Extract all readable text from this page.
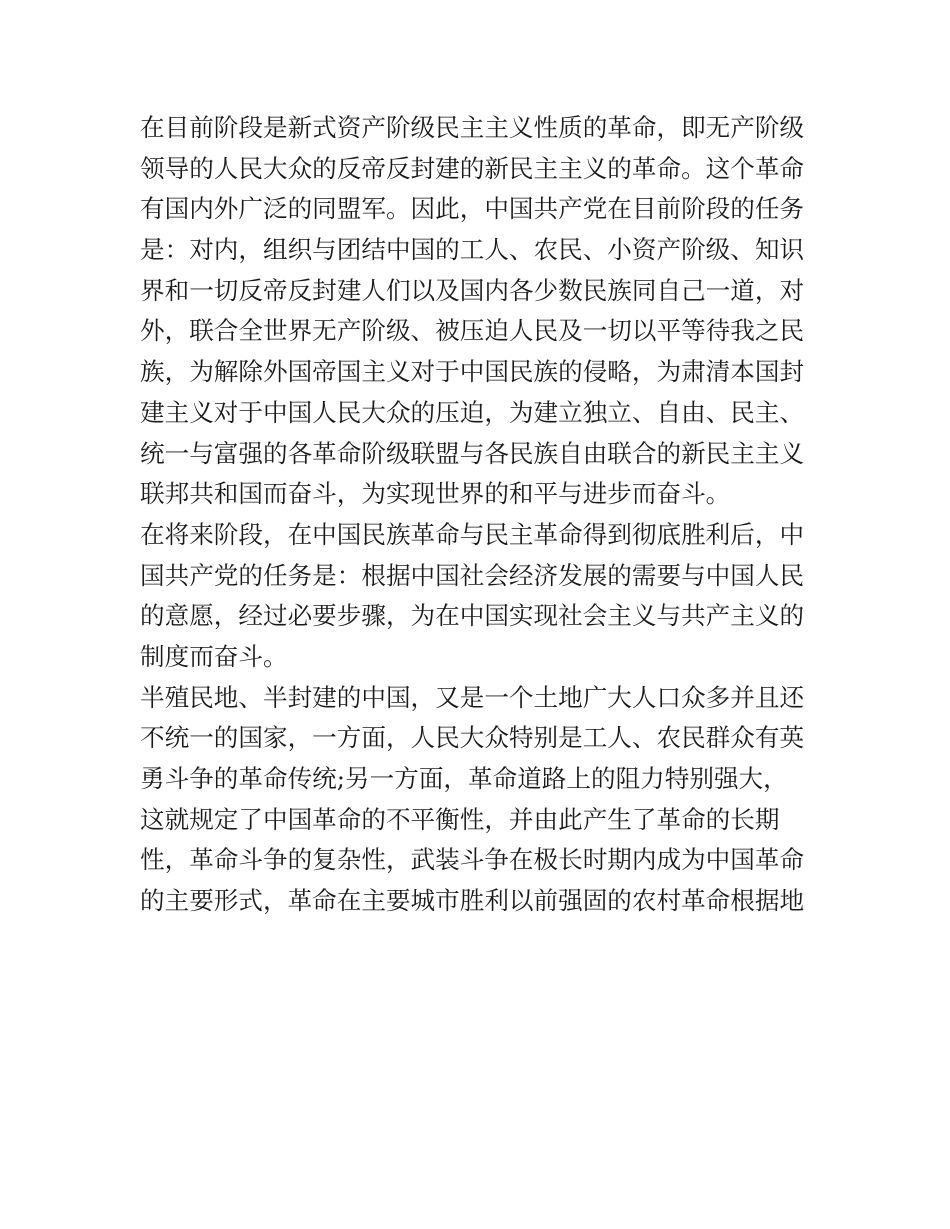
在目前阶段是新式资产阶级民主主义性质的革命，即无产阶级
领导的人民大众的反帝反封建的新民主主义的革命。这个革命
有国内外广泛的同盟军。因此，中国共产党在目前阶段的任务
是：对内，组织与团结中国的工人、农民、小资产阶级、知识
界和一切反帝反封建人们以及国内各少数民族同自己一道，对
外，联合全世界无产阶级、被压迫人民及一切以平等待我之民
族，为解除外国帝国主义对于中国民族的侵略，为肃清本国封
建主义对于中国人民大众的压迫，为建立独立、自由、民主、
统一与富强的各革命阶级联盟与各民族自由联合的新民主主义
联邦共和国而奋斗，为实现世界的和平与进步而奋斗。
在将来阶段，在中国民族革命与民主革命得到彻底胜利后，中
国共产党的任务是：根据中国社会经济发展的需要与中国人民
的意愿，经过必要步骤，为在中国实现社会主义与共产主义的
制度而奋斗。
半殖民地、半封建的中国，又是一个土地广大人口众多并且还
不统一的国家，一方面，人民大众特别是工人、农民群众有英
勇斗争的革命传统;另一方面，革命道路上的阻力特别强大，
这就规定了中国革命的不平衡性，并由此产生了革命的长期
性，革命斗争的复杂性，武装斗争在极长时期内成为中国革命
的主要形式，革命在主要城市胜利以前强固的农村革命根据地
